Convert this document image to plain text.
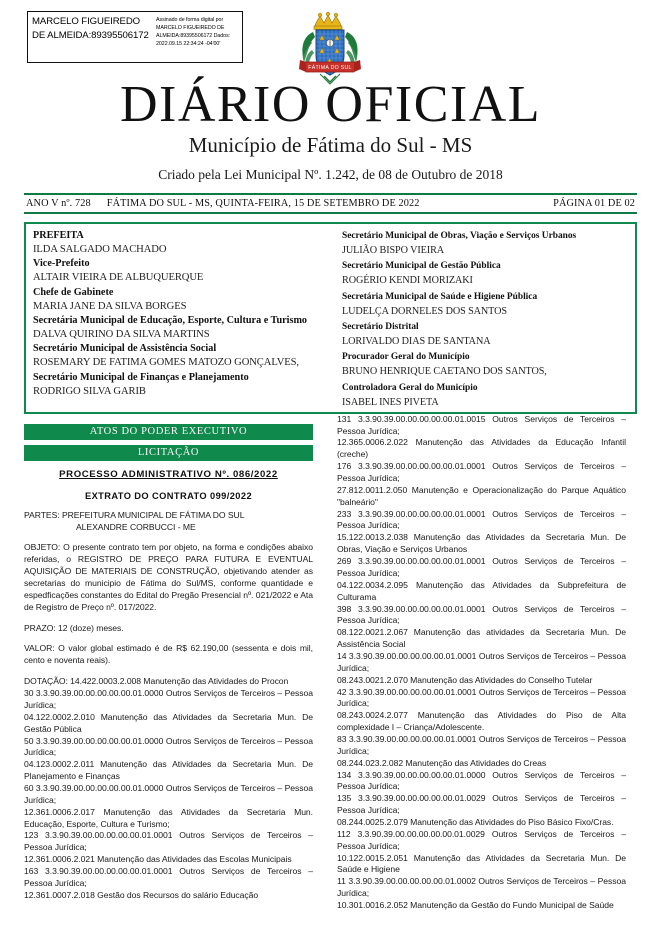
MARCELO FIGUEIREDO DE ALMEIDA:89395506172
Assinado de forma digital por MARCELO FIGUEIREDO DE ALMEIDA:89395506172 Dados: 2022.09.15 22:34:24 -04'00'
FÁTIMA DO SUL
DIÁRIO OFICIAL
Município de Fátima do Sul - MS
Criado pela Lei Municipal Nº. 1.242, de 08 de Outubro de 2018
ANO V nº. 728 FÁTIMA DO SUL - MS, QUINTA-FEIRA, 15 DE SETEMBRO DE 2022	PÁGINA 01 DE 02
PREFEITA
ILDA SALGADO MACHADO
Vice-Prefeito
ALTAIR VIEIRA DE ALBUQUERQUE
Chefe de Gabinete
MARIA JANE DA SILVA BORGES
Secretária Municipal de Educação, Esporte, Cultura e Turismo
DALVA QUIRINO DA SILVA MARTINS
Secretário Municipal de Assistência Social
ROSEMARY DE FATIMA GOMES MATOZO GONÇALVES,
Secretário Municipal de Finanças e Planejamento
RODRIGO SILVA GARIB
Secretário Municipal de Obras, Viação e Serviços Urbanos
JULIÃO BISPO VIEIRA
Secretário Municipal de Gestão Pública
ROGÉRIO KENDI MORIZAKI
Secretária Municipal de Saúde e Higiene Pública
LUDELÇA DORNELES DOS SANTOS
Secretário Distrital
LORIVALDO DIAS DE SANTANA
Procurador Geral do Município
BRUNO HENRIQUE CAETANO DOS SANTOS,
Controladora Geral do Município
ISABEL INES PIVETA
ATOS DO PODER EXECUTIVO
LICITAÇÃO
PROCESSO ADMINISTRATIVO Nº. 086/2022
EXTRATO DO CONTRATO 099/2022
PARTES: PREFEITURA MUNICIPAL DE FÁTIMA DO SUL
ALEXANDRE CORBUCCI - ME
OBJETO: O presente contrato tem por objeto, na forma e condições abaixo referidas, o REGISTRO DE PREÇO PARA FUTURA E EVENTUAL AQUISIÇÃO DE MATERIAIS DE CONSTRUÇÃO, objetivando atender as secretarias do municipio de Fátima do Sul/MS, conforme quantidade e espedficações constantes do Edital do Pregão Presencial nº. 021/2022 e Ata de Registro de Preço nº. 017/2022.
PRAZO: 12 (doze) meses.
VALOR: O valor global estimado é de R$ 62.190,00 (sessenta e dois mil, cento e noventa reais).
DOTAÇÃO: 14.422.0003.2.008 Manutenção das Atividades do Procon
30 3.3.90.39.00.00.00.00.00.01.0000 Outros Serviços de Terceiros – Pessoa Jurídica;
04.122.0002.2.010 Manutenção das Atividades da Secretaria Mun. De Gestão Pública
50 3.3.90.39.00.00.00.00.00.01.0000 Outros Serviços de Terceiros – Pessoa Jurídica;
04.123.0002.2.011 Manutenção das Atividades da Secretaria Mun. De Planejamento e Finanças
60 3.3.90.39.00.00.00.00.00.01.0000 Outros Serviços de Terceiros – Pessoa Jurídica;
12.361.0006.2.017 Manutenção das Atividades da Secretaria Mun. Educação, Esporte, Cultura e Turismo;
123 3.3.90.39.00.00.00.00.00.01.0001 Outros Serviços de Terceiros – Pessoa Jurídica;
12.361.0006.2.021 Manutenção das Atividades das Escolas Municipais
163 3.3.90.39.00.00.00.00.00.01.0001 Outros Serviços de Terceiros – Pessoa Jurídica;
12.361.0007.2.018 Gestão dos Recursos do salário Educação
131 3.3.90.39.00.00.00.00.00.01.0015 Outros Serviços de Terceiros – Pessoa Jurídica;
12.365.0006.2.022 Manutenção das Atividades da Educação Infantil (creche)
176 3.3.90.39.00.00.00.00.00.01.0001 Outros Serviços de Terceiros – Pessoa Jurídica;
27.812.0011.2.050 Manutenção e Operacionalização do Parque Aquático "balneário"
233 3.3.90.39.00.00.00.00.00.01.0001 Outros Serviços de Terceiros – Pessoa Jurídica;
15.122.0013.2.038 Manutenção das Atividades da Secretaria Mun. De Obras, Viação e Serviços Urbanos
269 3.3.90.39.00.00.00.00.00.01.0001 Outros Serviços de Terceiros – Pessoa Jurídica;
04.122.0034.2.095 Manutenção das Atividades da Subprefeitura de Culturama
398 3.3.90.39.00.00.00.00.00.01.0001 Outros Serviços de Terceiros – Pessoa Jurídica;
08.122.0021.2.067 Manutenção das atividades da Secretaria Mun. De Assistência Social
14 3.3.90.39.00.00.00.00.00.01.0001 Outros Serviços de Terceiros – Pessoa Jurídica;
08.243.0021.2.070 Manutenção das Atividades do Conselho Tutelar
42 3.3.90.39.00.00.00.00.00.01.0001 Outros Serviços de Terceiros – Pessoa Jurídica;
08.243.0024.2.077 Manutenção das Atividades do Piso de Alta complexidade I – Criança/Adolescente.
83 3.3.90.39.00.00.00.00.00.01.0001 Outros Serviços de Terceiros – Pessoa Jurídica;
08.244.023.2.082 Manutenção das Atividades do Creas
134 3.3.90.39.00.00.00.00.00.01.0000 Outros Serviços de Terceiros – Pessoa Jurídica;
135 3.3.90.39.00.00.00.00.00.01.0029 Outros Serviços de Terceiros – Pessoa Jurídica;
08.244.0025.2.079 Manutenção das Atividades do Piso Básico Fixo/Cras.
112 3.3.90.39.00.00.00.00.00.01.0029 Outros Serviços de Terceiros – Pessoa Jurídica;
10.122.0015.2.051 Manutenção das Atividades da Secretaria Mun. De Saúde e Higiene
11 3.3.90.39.00.00.00.00.00.01.0002 Outros Serviços de Terceiros – Pessoa Jurídica;
10.301.0016.2.052 Manutenção da Gestão do Fundo Municipal de Saúde
